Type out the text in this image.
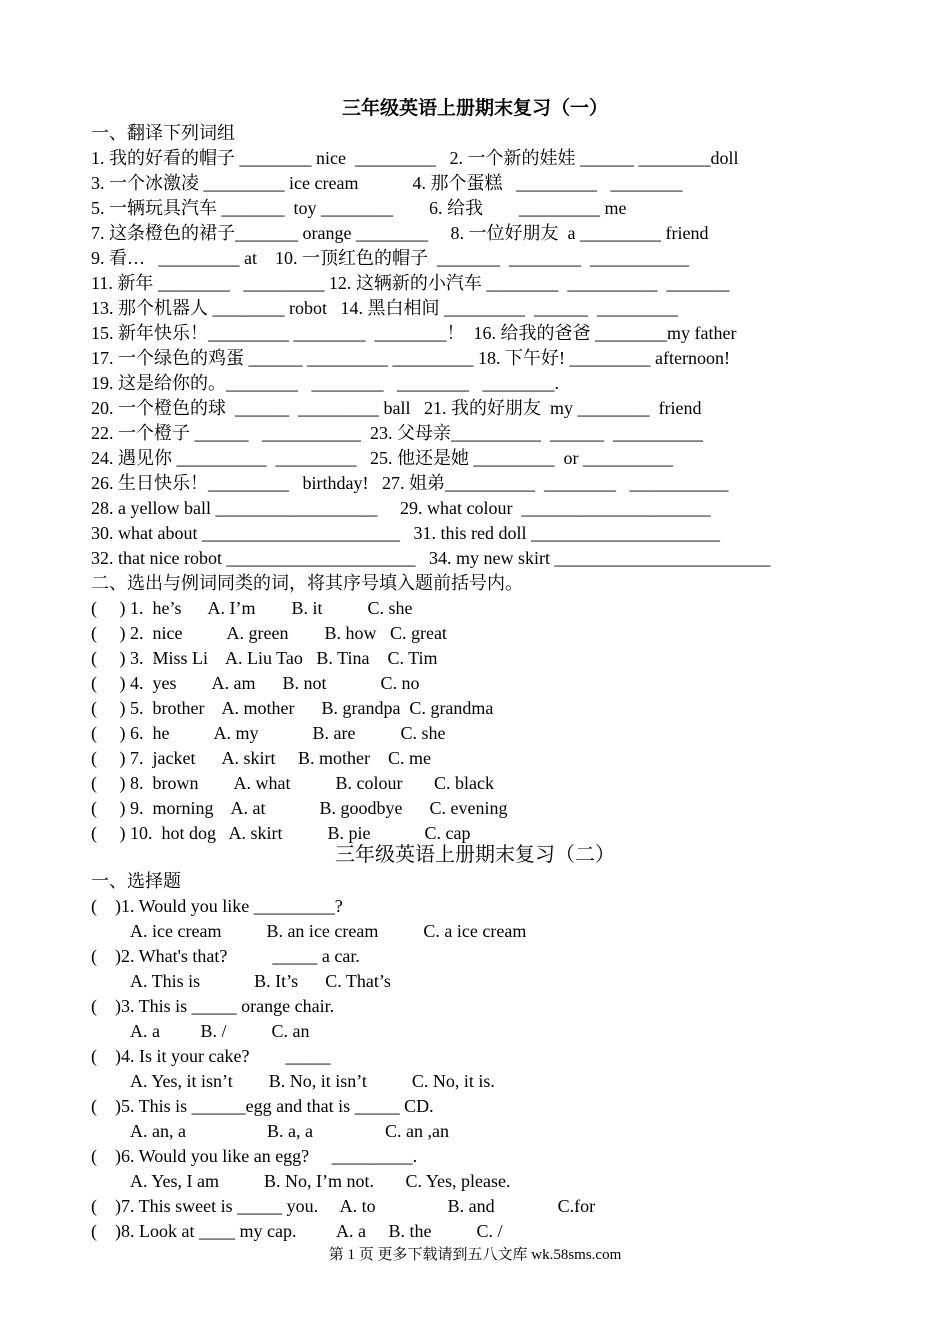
三年级英语上册期末复习（一）
一、翻译下列词组
1. 我的好看的帽子 ________ nice  _________   2. 一个新的娃娃 ______ ________doll
3. 一个冰激凌 _________ ice cream            4. 那个蛋糕   _________   ________
5. 一辆玩具汽车 _______  toy ________        6. 给我        _________ me
7. 这条橙色的裙子_______ orange ________     8. 一位好朋友  a _________ friend
9. 看…   _________ at    10. 一顶红色的帽子  _______  ________  ___________
11. 新年 ________   _________ 12. 这辆新的小汽车 ________  __________  _______
13. 那个机器人 ________ robot   14. 黑白相间 _________  ______  _________
15. 新年快乐！_________ ________  ________！  16. 给我的爸爸 ________my father
17. 一个绿色的鸡蛋 ______ _________ _________ 18. 下午好! _________ afternoon!
19. 这是给你的。________   ________   ________   ________.
20. 一个橙色的球  ______  _________ ball   21. 我的好朋友  my ________  friend
22. 一个橙子 ______   ___________  23. 父母亲__________  ______  __________
24. 遇见你 __________  _________   25. 他还是她 _________  or __________
26. 生日快乐！_________   birthday!   27. 姐弟__________  ________   ___________
28. a yellow ball __________________     29. what colour  _____________________
30. what about ______________________   31. this red doll _____________________
32. that nice robot _____________________   34. my new skirt ________________________
二、选出与例词同类的词，将其序号填入题前括号内。
(     ) 1.  he’s      A. I’m        B. it          C. she
(     ) 2.  nice          A. green        B. how   C. great
(     ) 3.  Miss Li    A. Liu Tao   B. Tina    C. Tim
(     ) 4.  yes        A. am      B. not            C. no
(     ) 5.  brother    A. mother      B. grandpa  C. grandma
(     ) 6.  he          A. my            B. are          C. she
(     ) 7.  jacket      A. skirt     B. mother    C. me
(     ) 8.  brown        A. what          B. colour       C. black
(     ) 9.  morning    A. at            B. goodbye      C. evening
(     ) 10.  hot dog   A. skirt          B. pie            C. cap
三年级英语上册期末复习（二）
一、选择题
(    )1. Would you like _________?
A. ice cream          B. an ice cream          C. a ice cream
(    )2. What's that?          _____ a car.
A. This is            B. It’s      C. That’s
(    )3. This is _____ orange chair.
A. a         B. /          C. an
(    )4. Is it your cake?        _____
A. Yes, it isn’t        B. No, it isn’t          C. No, it is.
(    )5. This is ______egg and that is _____ CD.
A. an, a                  B. a, a                C. an ,an
(    )6. Would you like an egg?     _________.
A. Yes, I am          B. No, I’m not.       C. Yes, please.
(    )7. This sweet is _____ you.     A. to                B. and              C.for
(    )8. Look at ____ my cap.         A. a     B. the          C. /
第 1 页 更多下载请到五八文库 wk.58sms.com
